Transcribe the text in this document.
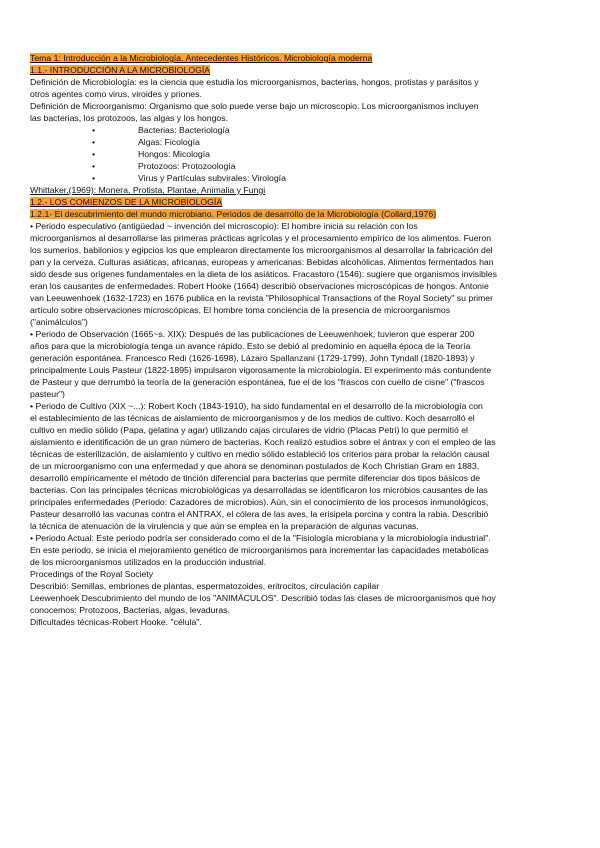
Tema 1: Introducción a la Microbiología. Antecedentes Históricos. Microbiología moderna
1.1.- INTRODUCCIÓN A LA MICROBIOLOGÍA
Definición de Microbiología: es la ciencia que estudia los microorganismos, bacterias, hongos, protistas y parásitos y
otros agentes como virus, viroides y priones.
Definición de Microorganismo: Organismo que solo puede verse bajo un microscopio. Los microorganismos incluyen
las bacterias, los protozoos, las algas y los hongos.
• Bacterias: Bacteriología
• Algas: Ficología
• Hongos: Micología
• Protozoos: Protozoología
• Virus y Partículas subvirales: Virología
Whittaker,(1969): Monera, Protista, Plantae, Animalia y Fungi
1.2.- LOS COMIENZOS DE LA MICROBIOLOGÍA
1.2.1- El descubrimiento del mundo microbiano. Periodos de desarrollo de la Microbiología (Collard,1976)
• Periodo especulativo (antigüedad ~ invención del microscopio): El hombre inicia su relación con los
microorganismos al desarrollarse las primeras prácticas agrícolas y el procesamiento empírico de los alimentos. Fueron
los sumerios, babilonios y egipcios los que emplearon directamente los microorganismos al desarrollar la fabricación del
pan y la cerveza. Culturas asiáticas, africanas, europeas y americanas: Bebidas alcohólicas. Alimentos fermentados han
sido desde sus orígenes fundamentales en la dieta de los asiáticos. Fracastoro (1546): sugiere que organismos invisibles
eran los causantes de enfermedades. Robert Hooke (1664) describió observaciones microscópicas de hongos. Antonie
van Leeuwenhoek (1632-1723) en 1676 publica en la revista "Philosophical Transactions of the Royal Society" su primer
artículo sobre observaciones microscópicas. El hombre toma conciencia de la presencia de microorganismos
("animálculos")
• Periodo de Observación (1665~s. XIX): Después de las publicaciones de Leeuwenhoek, tuvieron que esperar 200
años para que la microbiología tenga un avance rápido. Esto se debió al predominio en aquella época de la Teoría
generación espontánea. Francesco Redi (1626-1698), Lázaro Spallanzani (1729-1799), John Tyndall (1820-1893) y
principalmente Louis Pasteur (1822-1895) impulsaron vigorosamente la microbiología. El experimento más contundente
de Pasteur y que derrumbó la teoría de la generación espontánea, fue el de los "frascos con cuello de cisne" ("frascos
pasteur")
• Periodo de Cultivo (XIX ~...): Robert Koch (1843-1910), ha sido fundamental en el desarrollo de la microbiología con
el establecimiento de las técnicas de aislamiento de microorganismos y de los medios de cultivo. Koch desarrolló el
cultivo en medio sólido (Papa, gelatina y agar) utilizando cajas circulares de vidrio (Placas Petri) lo que permitió el
aislamiento e identificación de un gran número de bacterias. Koch realizó estudios sobre el ántrax y con el empleo de las
técnicas de esterilización, de aislamiento y cultivo en medio sólido estableció los criterios para probar la relación causal
de un microorganismo con una enfermedad y que ahora se denominan postulados de Koch Christian Gram en 1883,
desarrolló empíricamente el método de tinción diferencial para bacterias que permite diferenciar dos tipos básicos de
bacterias. Con las principales técnicas microbiológicas ya desarrolladas se identificaron los microbios causantes de las
principales enfermedades (Periodo: Cazadores de microbios). Aún, sin el conocimiento de los procesos inmunológicos,
Pasteur desarrolló las vacunas contra el ANTRAX, el cólera de las aves, la erisipela porcina y contra la rabia. Describió
la técnica de atenuación de la virulencia y que aún se emplea en la preparación de algunas vacunas.
• Periodo Actual: Este periodo podría ser considerado como el de la "Fisiología microbiana y la microbiología industrial".
En este periodo, se inicia el mejoramiento genético de microorganismos para incrementar las capacidades metabólicas
de los microorganismos utilizados en la producción industrial.
Procedings of the Royal Society
Describió: Semillas, embriones de plantas, espermatozoides, eritrocitos, circulación capilar
Leewenhoek Descubrimiento del mundo de los "ANIMÁCULOS". Describió todas las clases de microorganismos que hoy
conocemos: Protozoos, Bacterias, algas, levaduras.
Dificultades técnicas-Robert Hooke. "célula".
